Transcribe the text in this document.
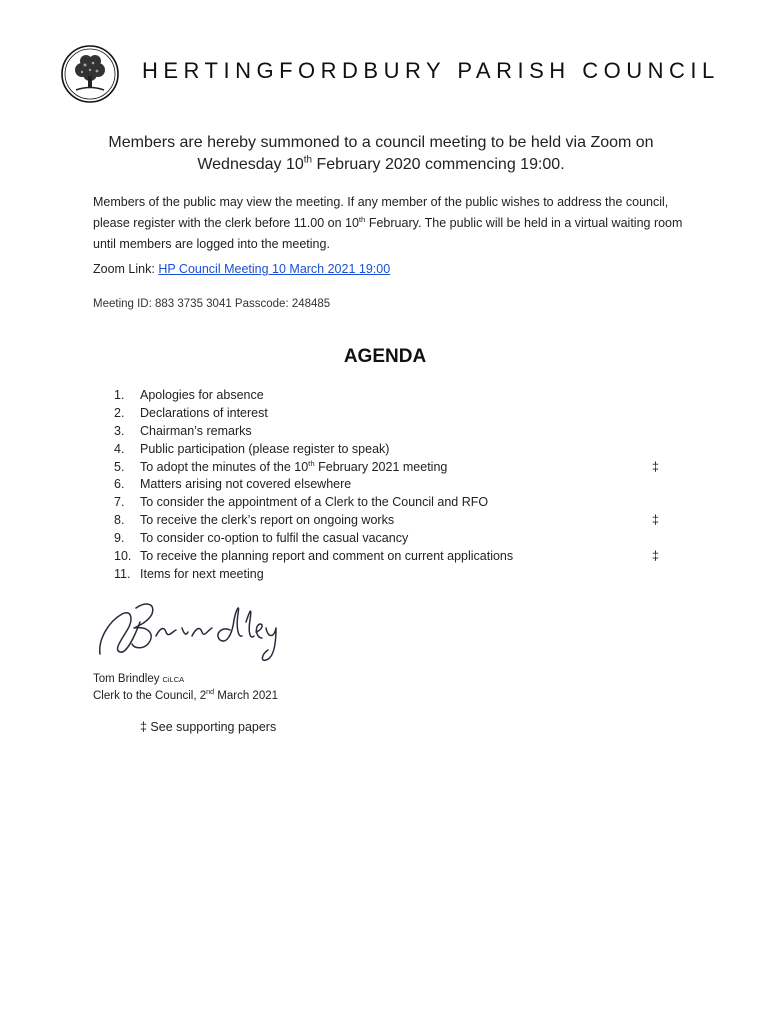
HERTINGFORDBURY PARISH COUNCIL
Members are hereby summoned to a council meeting to be held via Zoom on
Wednesday 10th February 2020 commencing 19:00.
Members of the public may view the meeting. If any member of the public wishes to address the council, please register with the clerk before 11.00 on 10th February. The public will be held in a virtual waiting room until members are logged into the meeting.
Zoom Link: HP Council Meeting 10 March 2021 19:00
Meeting ID: 883 3735 3041 Passcode: 248485
AGENDA
1. Apologies for absence
2. Declarations of interest
3. Chairman’s remarks
4. Public participation (please register to speak)
5. To adopt the minutes of the 10th February 2021 meeting	‡
6. Matters arising not covered elsewhere
7. To consider the appointment of a Clerk to the Council and RFO
8. To receive the clerk’s report on ongoing works	‡
9. To consider co-option to fulfil the casual vacancy
10. To receive the planning report and comment on current applications	‡
11. Items for next meeting
Tom Brindley CiLCA
Clerk to the Council, 2nd March 2021
‡ See supporting papers
